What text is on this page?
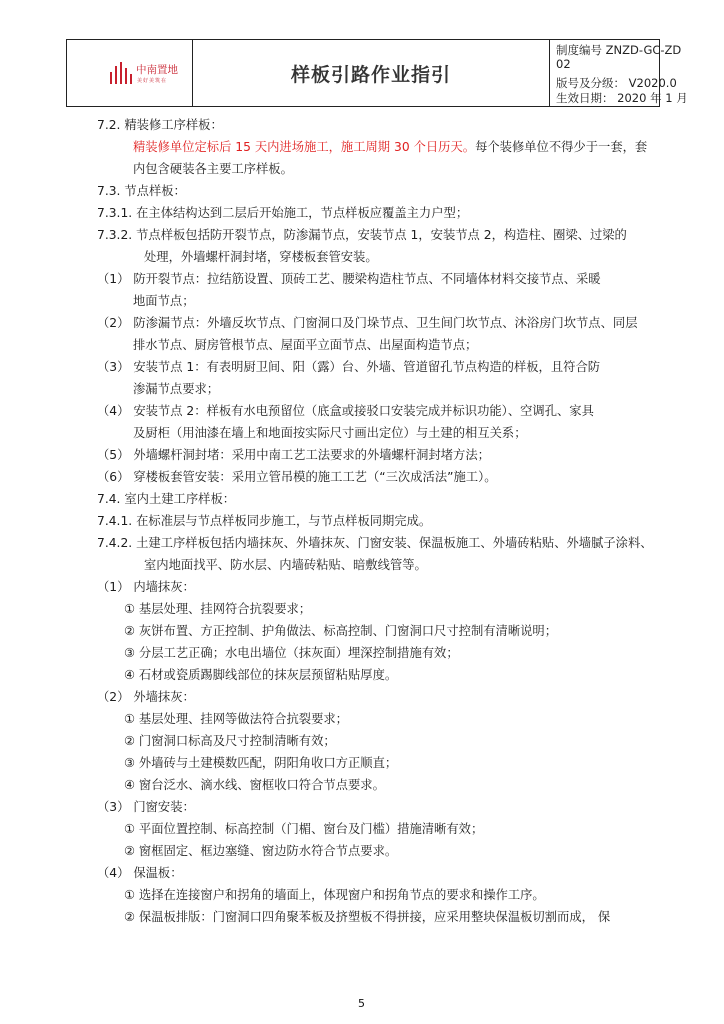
中南置地
美好美筑在	样板引路作业指引
制度编号 ZNZD-GC-ZD
02
版号及分级： V2020.0
生效日期： 2020 年 1 月
7.2. 精装修工序样板：
精装修单位定标后 15 天内进场施工，施工周期 30 个日历天。每个装修单位不得少于一套，套
内包含硬装各主要工序样板。
7.3. 节点样板：
7.3.1. 在主体结构达到二层后开始施工，节点样板应覆盖主力户型；
7.3.2. 节点样板包括防开裂节点，防渗漏节点，安装节点 1，安装节点 2，构造柱、圈梁、过梁的
处理，外墙螺杆洞封堵，穿楼板套管安装。
（1） 防开裂节点：拉结筋设置、顶砖工艺、腰梁构造柱节点、不同墙体材料交接节点、采暖
地面节点；
（2） 防渗漏节点：外墙反坎节点、门窗洞口及门垛节点、卫生间门坎节点、沐浴房门坎节点、同层
排水节点、厨房管根节点、屋面平立面节点、出屋面构造节点；
（3） 安装节点 1：有表明厨卫间、阳（露）台、外墙、管道留孔节点构造的样板，且符合防
渗漏节点要求；
（4） 安装节点 2：样板有水电预留位（底盒或接驳口安装完成并标识功能）、空调孔、家具
及厨柜（用油漆在墙上和地面按实际尺寸画出定位）与土建的相互关系；
（5） 外墙螺杆洞封堵：采用中南工艺工法要求的外墙螺杆洞封堵方法；
（6） 穿楼板套管安装：采用立管吊模的施工工艺（“三次成活法”施工）。
7.4. 室内土建工序样板：
7.4.1. 在标准层与节点样板同步施工，与节点样板同期完成。
7.4.2. 土建工序样板包括内墙抹灰、外墙抹灰、门窗安装、保温板施工、外墙砖粘贴、外墙腻子涂料、
室内地面找平、防水层、内墙砖粘贴、暗敷线管等。
（1） 内墙抹灰：
① 基层处理、挂网符合抗裂要求；
② 灰饼布置、方正控制、护角做法、标高控制、门窗洞口尺寸控制有清晰说明；
③ 分层工艺正确；水电出墙位（抹灰面）埋深控制措施有效；
④ 石材或瓷质踢脚线部位的抹灰层预留粘贴厚度。
（2） 外墙抹灰：
① 基层处理、挂网等做法符合抗裂要求；
② 门窗洞口标高及尺寸控制清晰有效；
③ 外墙砖与土建模数匹配，阴阳角收口方正顺直；
④ 窗台泛水、滴水线、窗框收口符合节点要求。
（3） 门窗安装：
① 平面位置控制、标高控制（门楣、窗台及门槛）措施清晰有效；
② 窗框固定、框边塞缝、窗边防水符合节点要求。
（4） 保温板：
① 选择在连接窗户和拐角的墙面上，体现窗户和拐角节点的要求和操作工序。
② 保温板排版：门窗洞口四角聚苯板及挤塑板不得拼接，应采用整块保温板切割而成， 保
5
